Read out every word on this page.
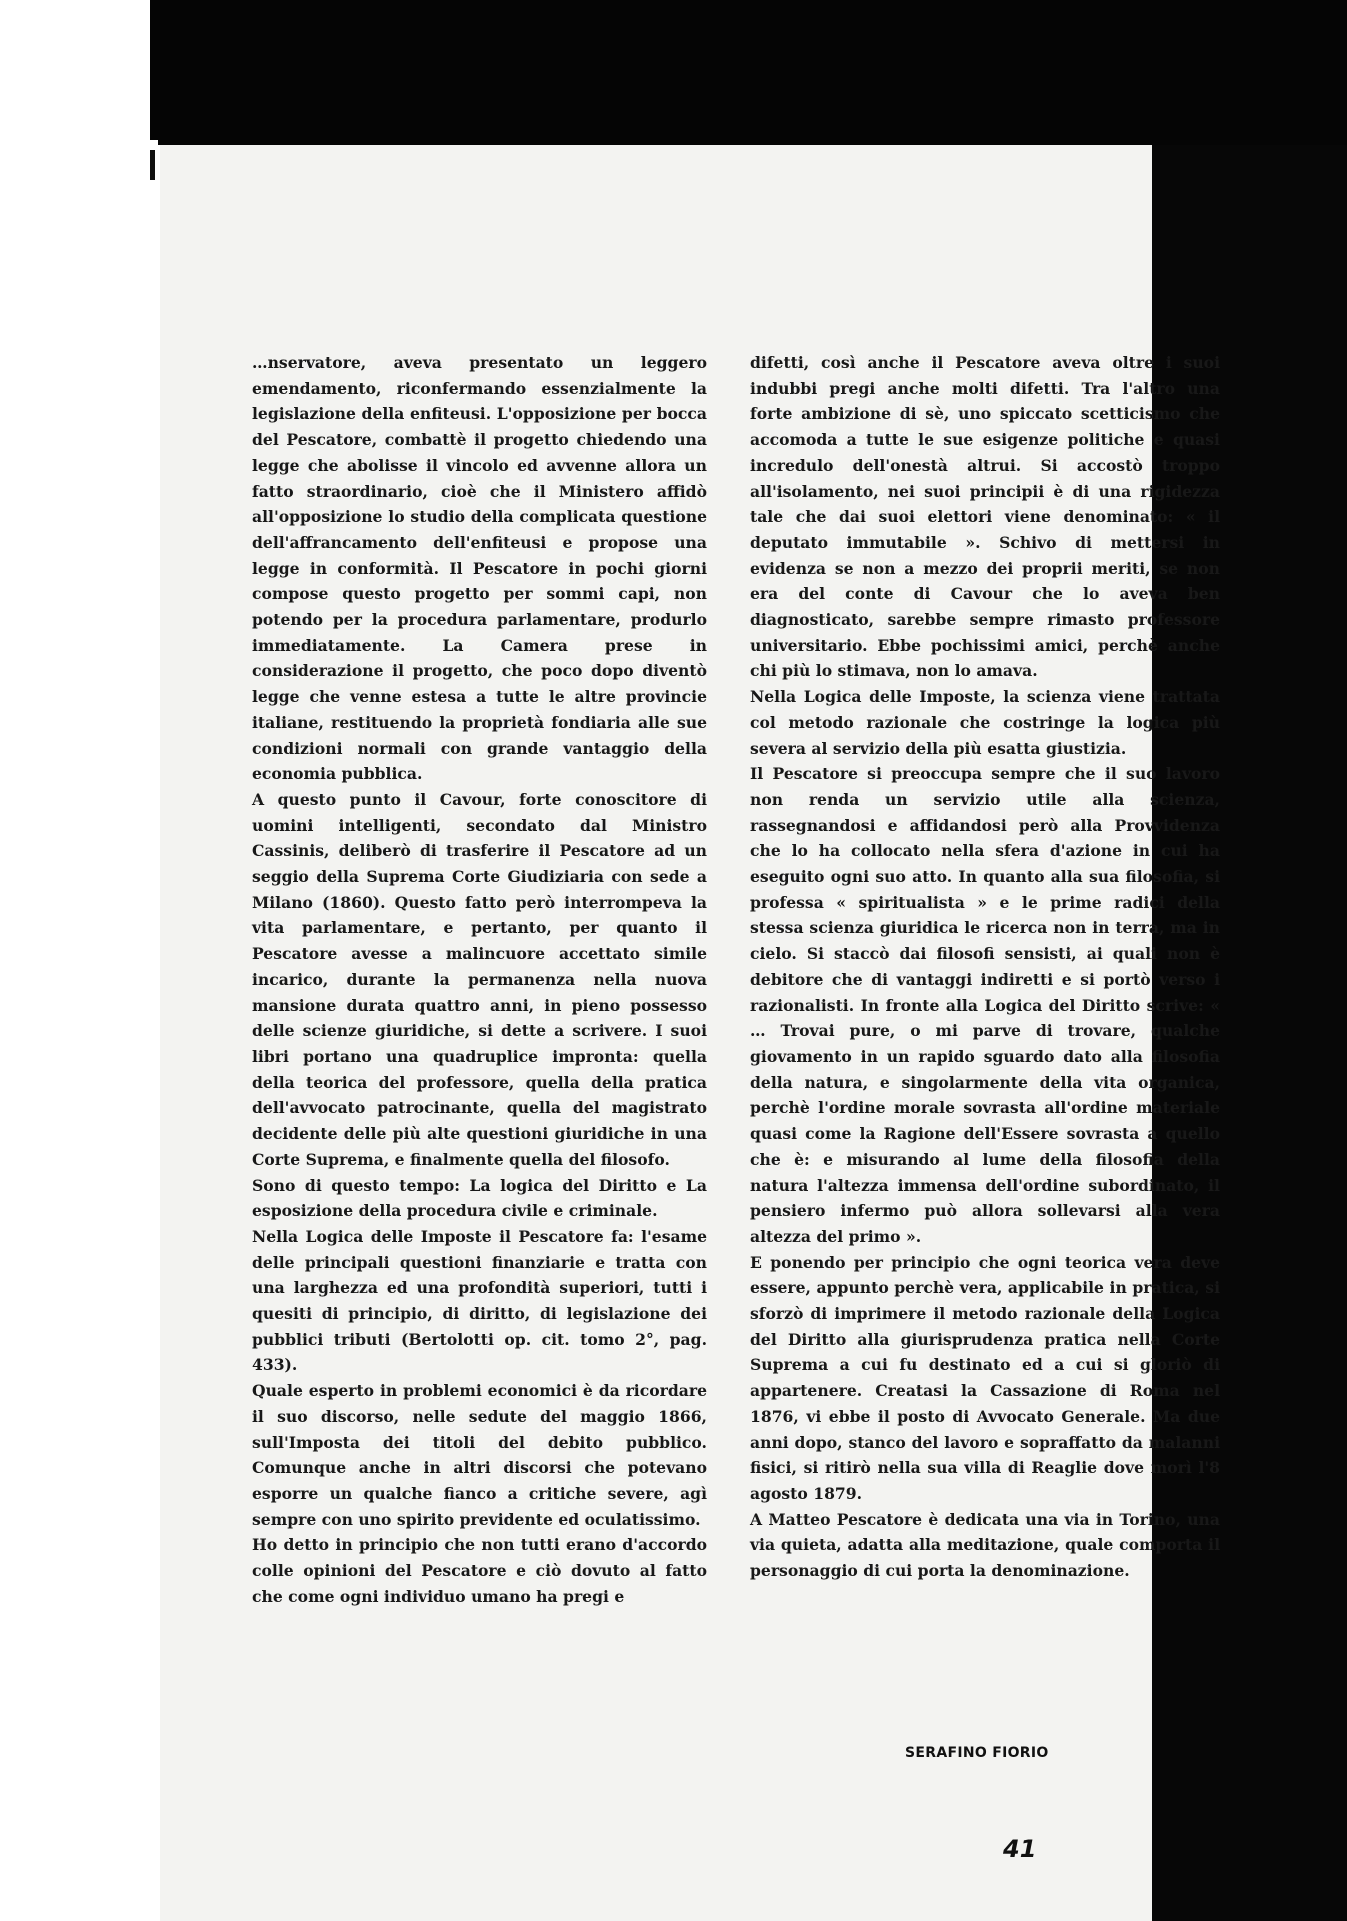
…nservatore, aveva presentato un leggero emendamento, riconfermando essenzialmente la legislazione della enfiteusi. L'opposizione per bocca del Pescatore, combattè il progetto chiedendo una legge che abolisse il vincolo ed avvenne allora un fatto straordinario, cioè che il Ministero affidò all'opposizione lo studio della complicata questione dell'affrancamento dell'enfiteusi e propose una legge in conformità. Il Pescatore in pochi giorni compose questo progetto per sommi capi, non potendo per la procedura parlamentare, produrlo immediatamente. La Camera prese in considerazione il progetto, che poco dopo diventò legge che venne estesa a tutte le altre provincie italiane, restituendo la proprietà fondiaria alle sue condizioni normali con grande vantaggio della economia pubblica.

A questo punto il Cavour, forte conoscitore di uomini intelligenti, secondato dal Ministro Cassinis, deliberò di trasferire il Pescatore ad un seggio della Suprema Corte Giudiziaria con sede a Milano (1860). Questo fatto però interrompeva la vita parlamentare, e pertanto, per quanto il Pescatore avesse a malincuore accettato simile incarico, durante la permanenza nella nuova mansione durata quattro anni, in pieno possesso delle scienze giuridiche, si dette a scrivere. I suoi libri portano una quadruplice impronta: quella della teorica del professore, quella della pratica dell'avvocato patrocinante, quella del magistrato decidente delle più alte questioni giuridiche in una Corte Suprema, e finalmente quella del filosofo.

Sono di questo tempo: La logica del Diritto e La esposizione della procedura civile e criminale.

Nella Logica delle Imposte il Pescatore fa: l'esame delle principali questioni finanziarie e tratta con una larghezza ed una profondità superiori, tutti i quesiti di principio, di diritto, di legislazione dei pubblici tributi (Bertolotti op. cit. tomo 2°, pag. 433).

Quale esperto in problemi economici è da ricordare il suo discorso, nelle sedute del maggio 1866, sull'Imposta dei titoli del debito pubblico. Comunque anche in altri discorsi che potevano esporre un qualche fianco a critiche severe, agì sempre con uno spirito previdente ed oculatissimo.

Ho detto in principio che non tutti erano d'accordo colle opinioni del Pescatore e ciò dovuto al fatto che come ogni individuo umano ha pregi e

difetti, così anche il Pescatore aveva oltre i suoi indubbi pregi anche molti difetti. Tra l'altro una forte ambizione di sè, uno spiccato scetticismo che accomoda a tutte le sue esigenze politiche e quasi incredulo dell'onestà altrui. Si accostò troppo all'isolamento, nei suoi principii è di una rigidezza tale che dai suoi elettori viene denominato: « il deputato immutabile ». Schivo di mettersi in evidenza se non a mezzo dei proprii meriti, se non era del conte di Cavour che lo aveva ben diagnosticato, sarebbe sempre rimasto professore universitario. Ebbe pochissimi amici, perchè anche chi più lo stimava, non lo amava.

Nella Logica delle Imposte, la scienza viene trattata col metodo razionale che costringe la logica più severa al servizio della più esatta giustizia.

Il Pescatore si preoccupa sempre che il suo lavoro non renda un servizio utile alla scienza, rassegnandosi e affidandosi però alla Provvidenza che lo ha collocato nella sfera d'azione in cui ha eseguito ogni suo atto. In quanto alla sua filosofia, si professa « spiritualista » e le prime radici della stessa scienza giuridica le ricerca non in terra, ma in cielo. Si staccò dai filosofi sensisti, ai quali non è debitore che di vantaggi indiretti e si portò verso i razionalisti. In fronte alla Logica del Diritto scrive: « … Trovai pure, o mi parve di trovare, qualche giovamento in un rapido sguardo dato alla filosofia della natura, e singolarmente della vita organica, perchè l'ordine morale sovrasta all'ordine materiale quasi come la Ragione dell'Essere sovrasta a quello che è: e misurando al lume della filosofia della natura l'altezza immensa dell'ordine subordinato, il pensiero infermo può allora sollevarsi alla vera altezza del primo ».

E ponendo per principio che ogni teorica vera deve essere, appunto perchè vera, applicabile in pratica, si sforzò di imprimere il metodo razionale della Logica del Diritto alla giurisprudenza pratica nella Corte Suprema a cui fu destinato ed a cui si gloriò di appartenere. Creatasi la Cassazione di Roma nel 1876, vi ebbe il posto di Avvocato Generale. Ma due anni dopo, stanco del lavoro e sopraffatto da malanni fisici, si ritirò nella sua villa di Reaglie dove morì l'8 agosto 1879.

A Matteo Pescatore è dedicata una via in Torino, una via quieta, adatta alla meditazione, quale comporta il personaggio di cui porta la denominazione.

SERAFINO FIORIO
41
